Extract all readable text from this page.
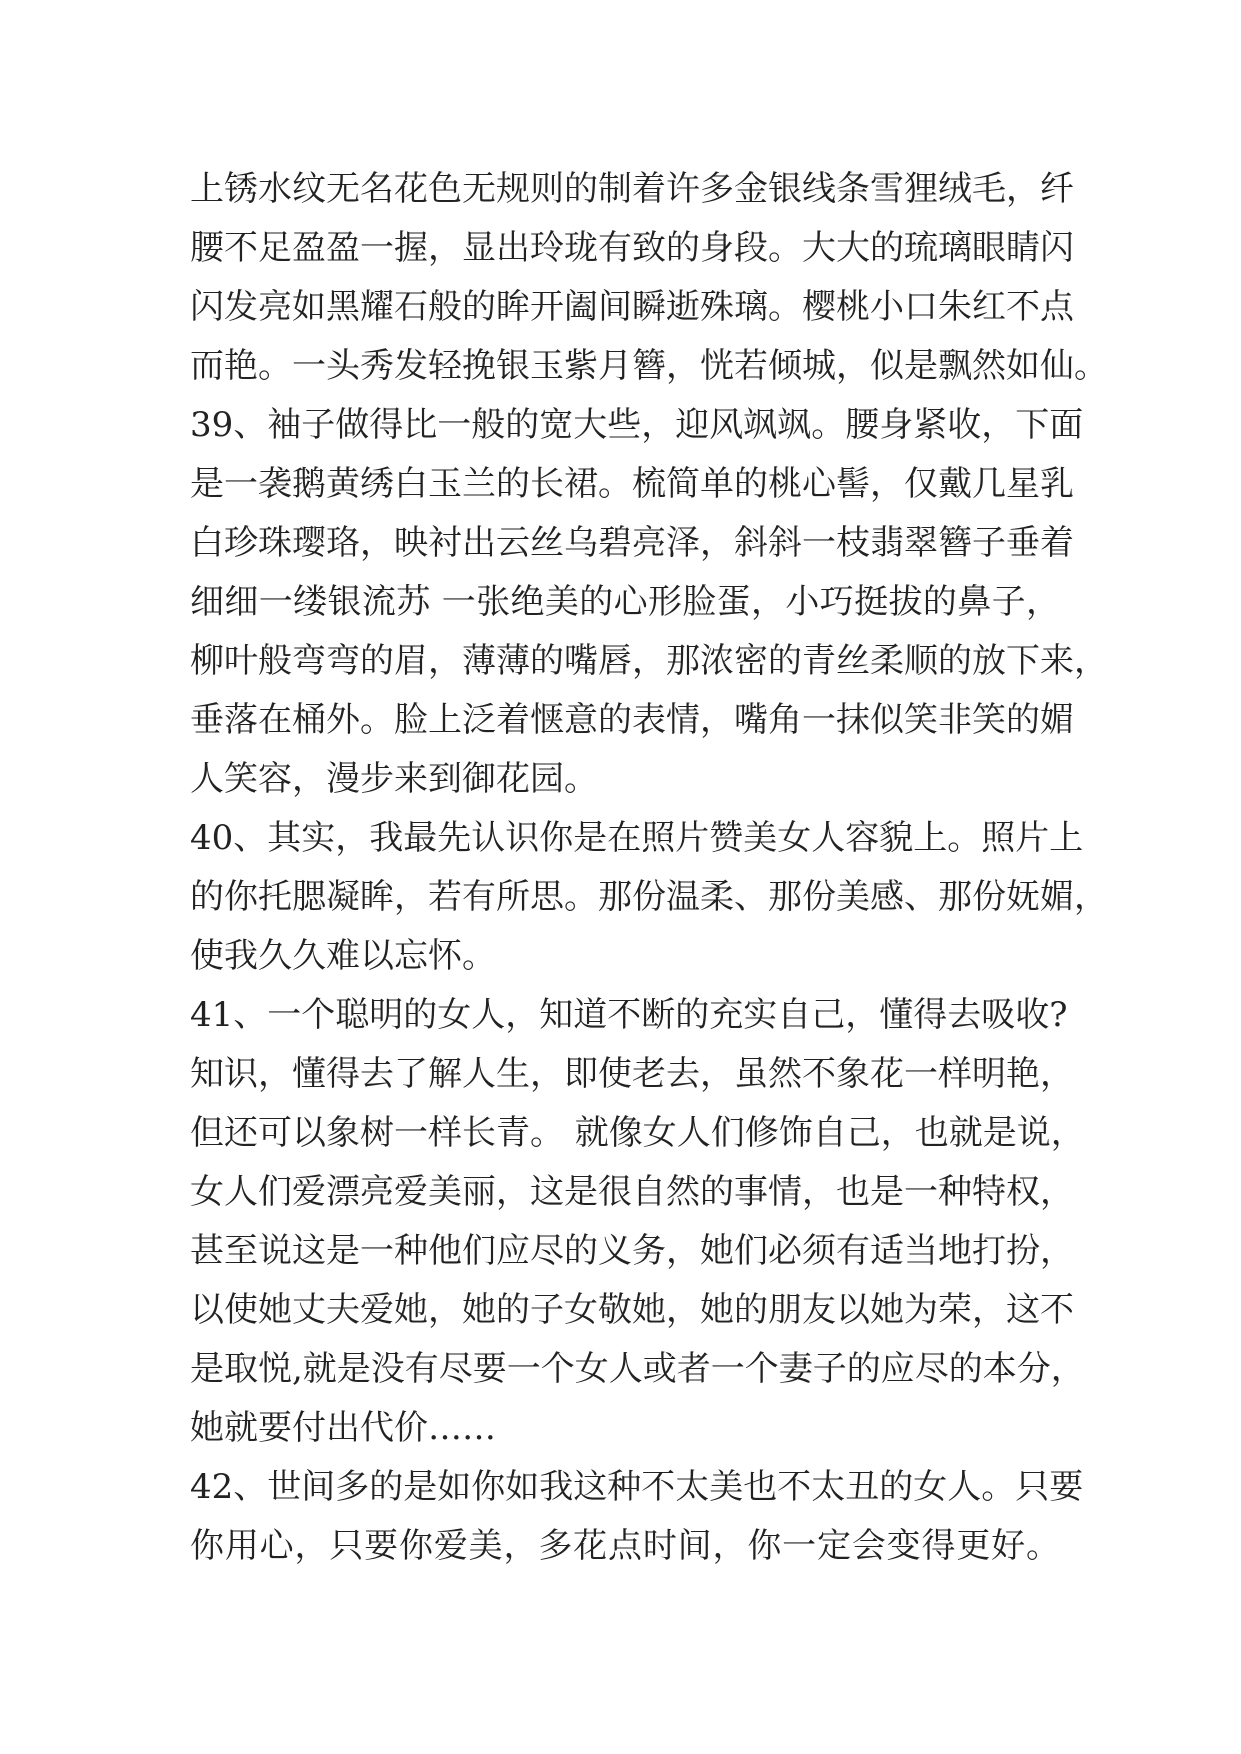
上锈水纹无名花色无规则的制着许多金银线条雪狸绒毛，纤
腰不足盈盈一握，显出玲珑有致的身段。大大的琉璃眼睛闪
闪发亮如黑耀石般的眸开阖间瞬逝殊璃。樱桃小口朱红不点
而艳。一头秀发轻挽银玉紫月簪，恍若倾城，似是飘然如仙。
39、袖子做得比一般的宽大些，迎风飒飒。腰身紧收，下面
是一袭鹅黄绣白玉兰的长裙。梳简单的桃心髻，仅戴几星乳
白珍珠璎珞，映衬出云丝乌碧亮泽，斜斜一枝翡翠簪子垂着
细细一缕银流苏 一张绝美的心形脸蛋，小巧挺拔的鼻子，
柳叶般弯弯的眉，薄薄的嘴唇，那浓密的青丝柔顺的放下来，
垂落在桶外。脸上泛着惬意的表情，嘴角一抹似笑非笑的媚
人笑容，漫步来到御花园。
40、其实，我最先认识你是在照片赞美女人容貌上。照片上
的你托腮凝眸，若有所思。那份温柔、那份美感、那份妩媚，
使我久久难以忘怀。
41、一个聪明的女人，知道不断的充实自己，懂得去吸收?
知识，懂得去了解人生，即使老去，虽然不象花一样明艳，
但还可以象树一样长青。 就像女人们修饰自己，也就是说，
女人们爱漂亮爱美丽，这是很自然的事情，也是一种特权，
甚至说这是一种他们应尽的义务，她们必须有适当地打扮，
以使她丈夫爱她，她的子女敬她，她的朋友以她为荣，这不
是取悦,就是没有尽要一个女人或者一个妻子的应尽的本分，
她就要付出代价……
42、世间多的是如你如我这种不太美也不太丑的女人。只要
你用心，只要你爱美，多花点时间，你一定会变得更好。
